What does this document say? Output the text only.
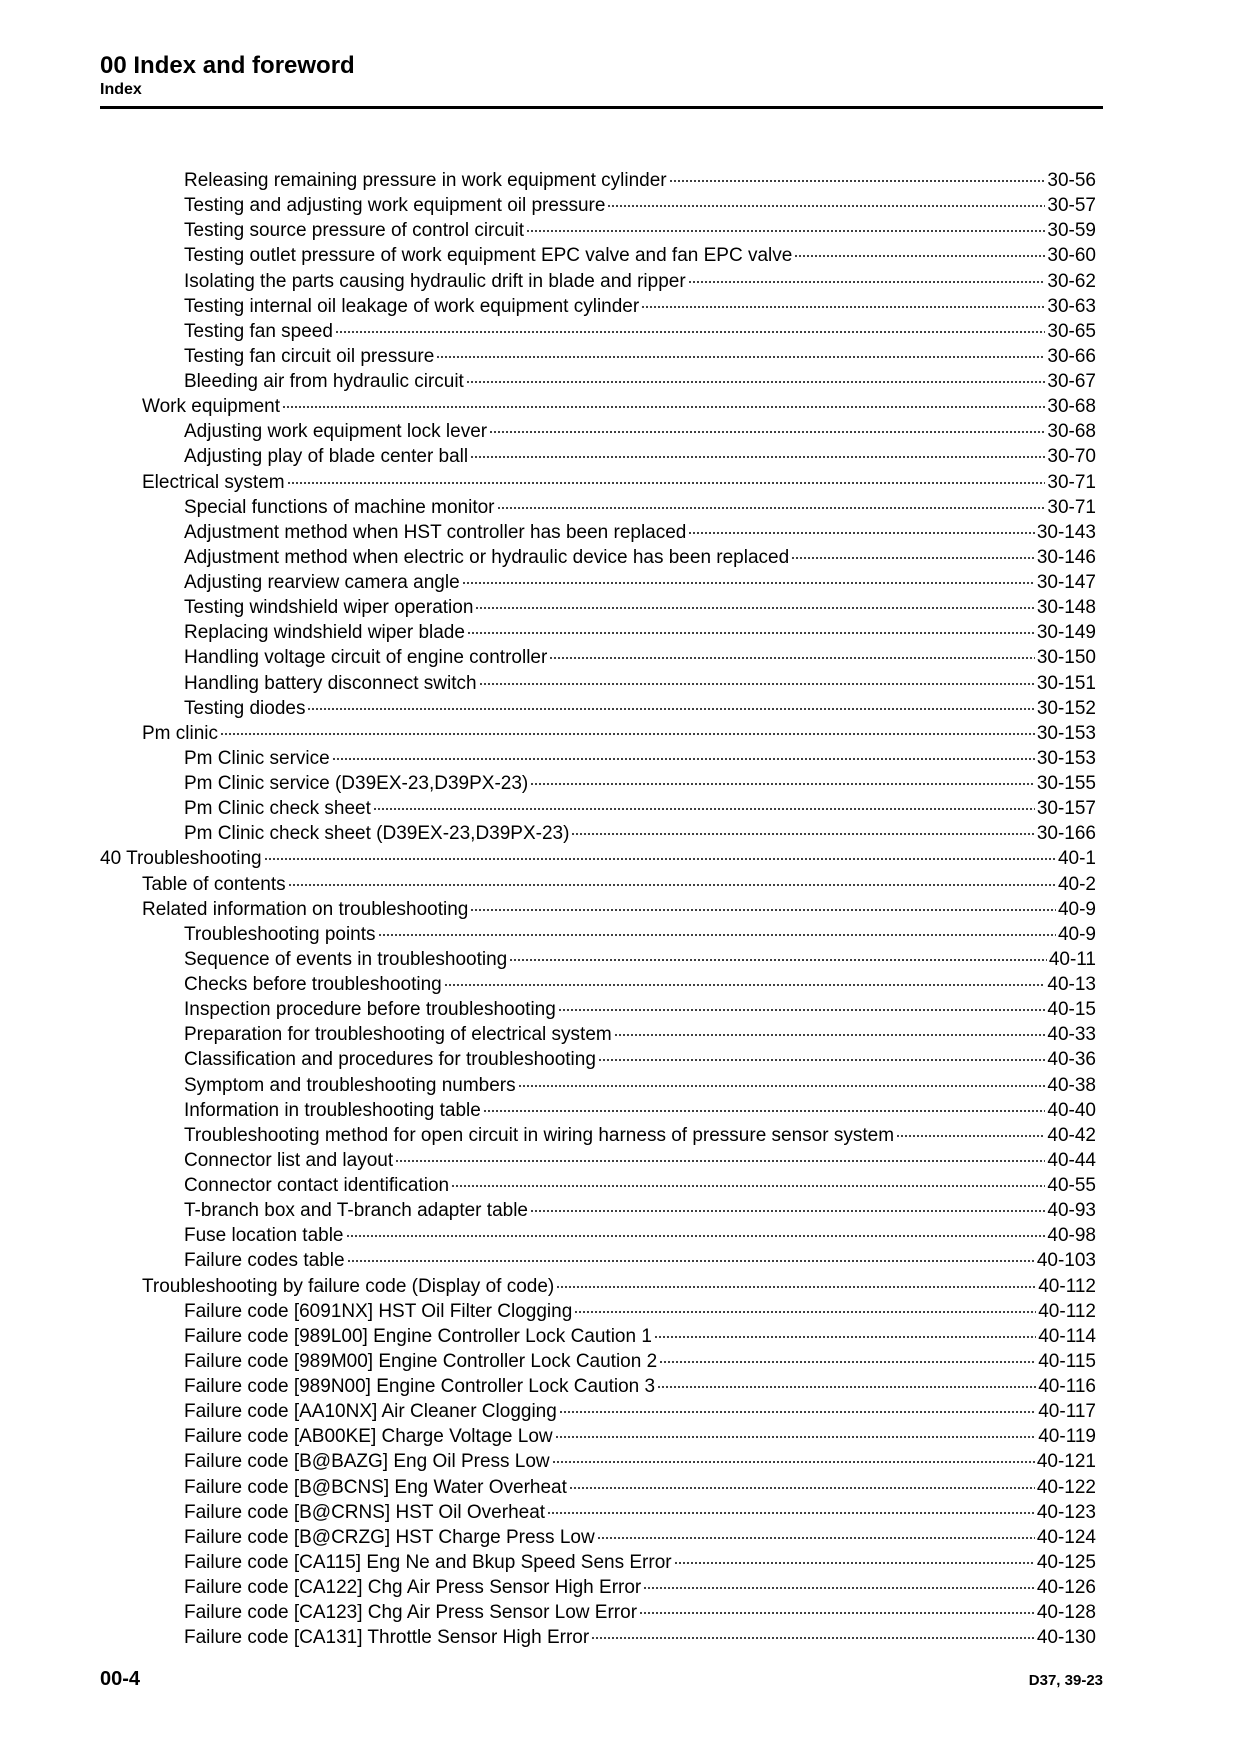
00 Index and foreword
Index
Releasing remaining pressure in work equipment cylinder	30-56
Testing and adjusting work equipment oil pressure	30-57
Testing source pressure of control circuit	30-59
Testing outlet pressure of work equipment EPC valve and fan EPC valve	30-60
Isolating the parts causing hydraulic drift in blade and ripper	30-62
Testing internal oil leakage of work equipment cylinder	30-63
Testing fan speed	30-65
Testing fan circuit oil pressure	30-66
Bleeding air from hydraulic circuit	30-67
Work equipment	30-68
Adjusting work equipment lock lever	30-68
Adjusting play of blade center ball	30-70
Electrical system	30-71
Special functions of machine monitor	30-71
Adjustment method when HST controller has been replaced	30-143
Adjustment method when electric or hydraulic device has been replaced	30-146
Adjusting rearview camera angle	30-147
Testing windshield wiper operation	30-148
Replacing windshield wiper blade	30-149
Handling voltage circuit of engine controller	30-150
Handling battery disconnect switch	30-151
Testing diodes	30-152
Pm clinic	30-153
Pm Clinic service	30-153
Pm Clinic service (D39EX-23,D39PX-23)	30-155
Pm Clinic check sheet	30-157
Pm Clinic check sheet (D39EX-23,D39PX-23)	30-166
40 Troubleshooting	40-1
Table of contents	40-2
Related information on troubleshooting	40-9
Troubleshooting points	40-9
Sequence of events in troubleshooting	40-11
Checks before troubleshooting	40-13
Inspection procedure before troubleshooting	40-15
Preparation for troubleshooting of electrical system	40-33
Classification and procedures for troubleshooting	40-36
Symptom and troubleshooting numbers	40-38
Information in troubleshooting table	40-40
Troubleshooting method for open circuit in wiring harness of pressure sensor system	40-42
Connector list and layout	40-44
Connector contact identification	40-55
T-branch box and T-branch adapter table	40-93
Fuse location table	40-98
Failure codes table	40-103
Troubleshooting by failure code (Display of code)	40-112
Failure code [6091NX] HST Oil Filter Clogging	40-112
Failure code [989L00] Engine Controller Lock Caution 1	40-114
Failure code [989M00] Engine Controller Lock Caution 2	40-115
Failure code [989N00] Engine Controller Lock Caution 3	40-116
Failure code [AA10NX] Air Cleaner Clogging	40-117
Failure code [AB00KE] Charge Voltage Low	40-119
Failure code [B@BAZG] Eng Oil Press Low	40-121
Failure code [B@BCNS] Eng Water Overheat	40-122
Failure code [B@CRNS] HST Oil Overheat	40-123
Failure code [B@CRZG] HST Charge Press Low	40-124
Failure code [CA115] Eng Ne and Bkup Speed Sens Error	40-125
Failure code [CA122] Chg Air Press Sensor High Error	40-126
Failure code [CA123] Chg Air Press Sensor Low Error	40-128
Failure code [CA131] Throttle Sensor High Error	40-130
00-4	D37, 39-23
